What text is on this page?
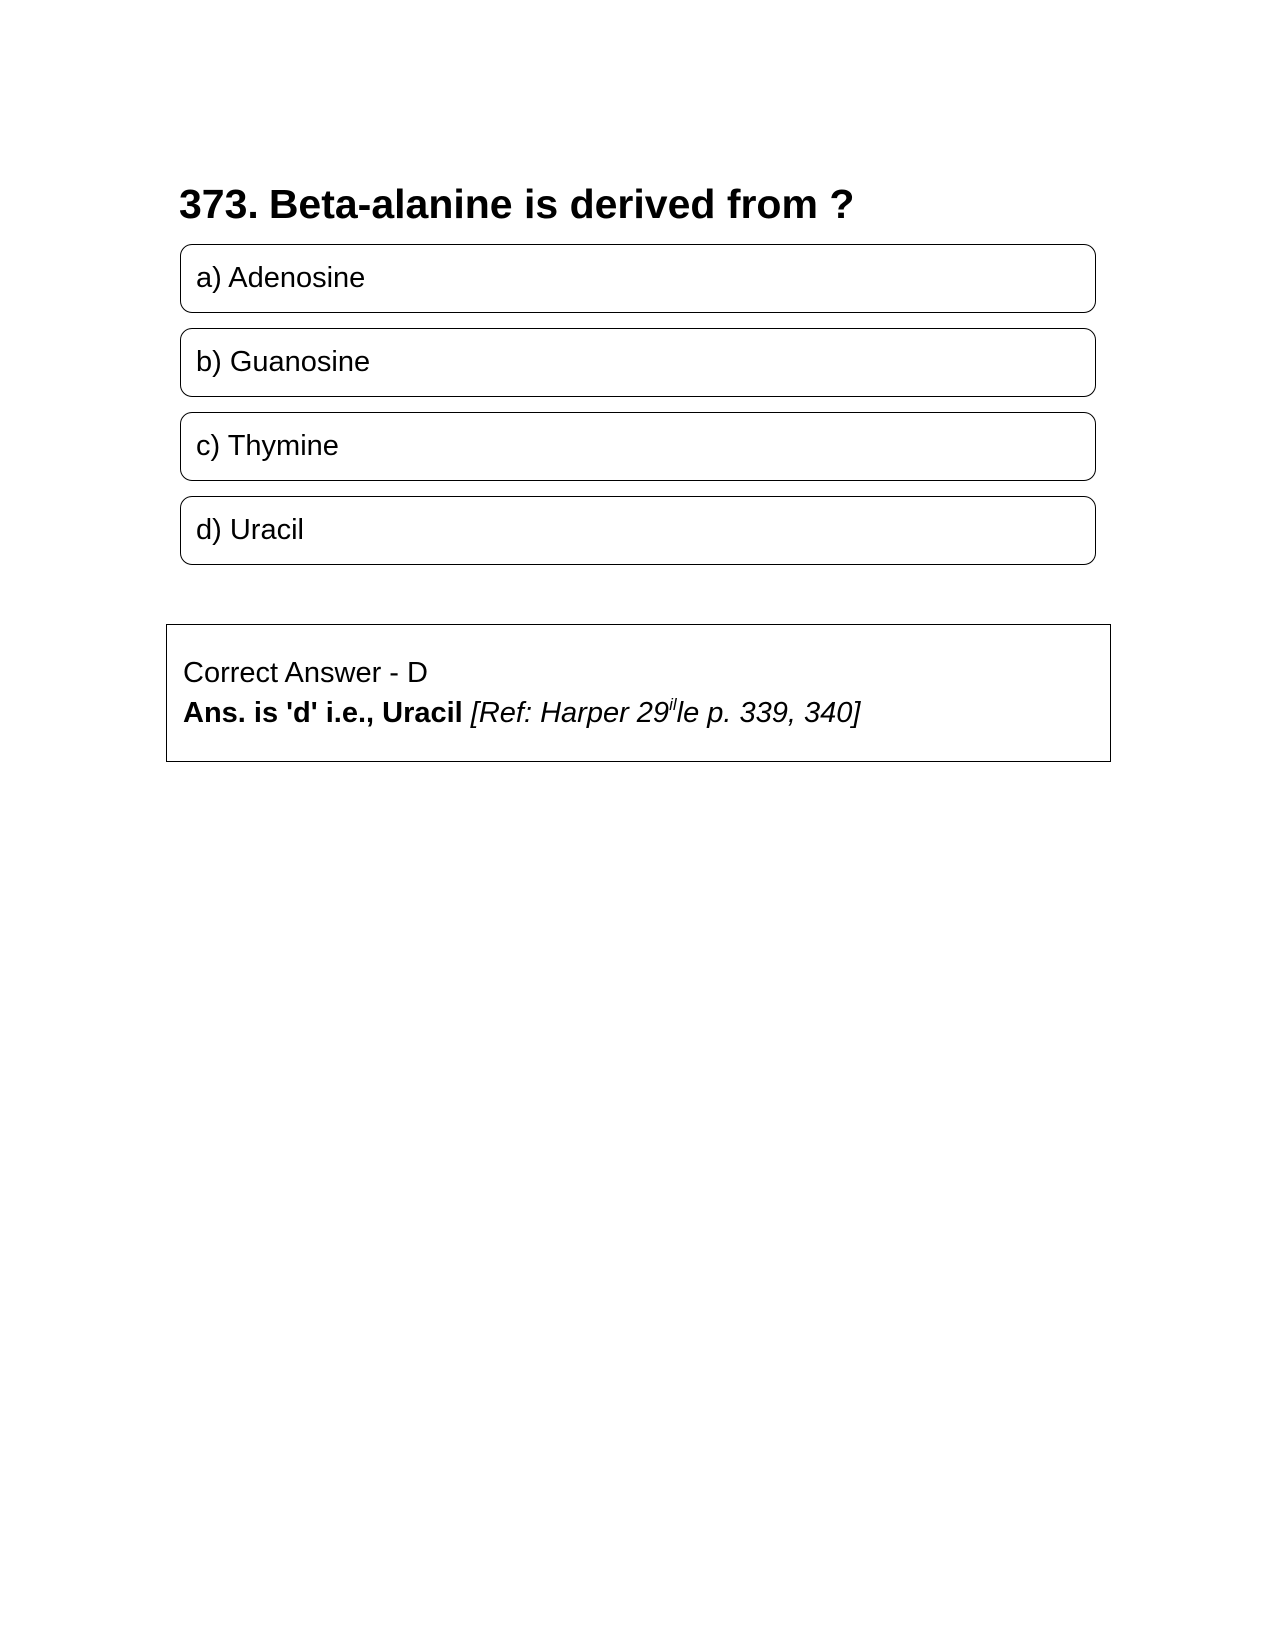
373. Beta-alanine is derived from ?
a) Adenosine
b) Guanosine
c) Thymine
d) Uracil
Correct Answer - D
Ans. is 'd' i.e., Uracil [Ref: Harper 29$^{il}$le p. 339, 340]
